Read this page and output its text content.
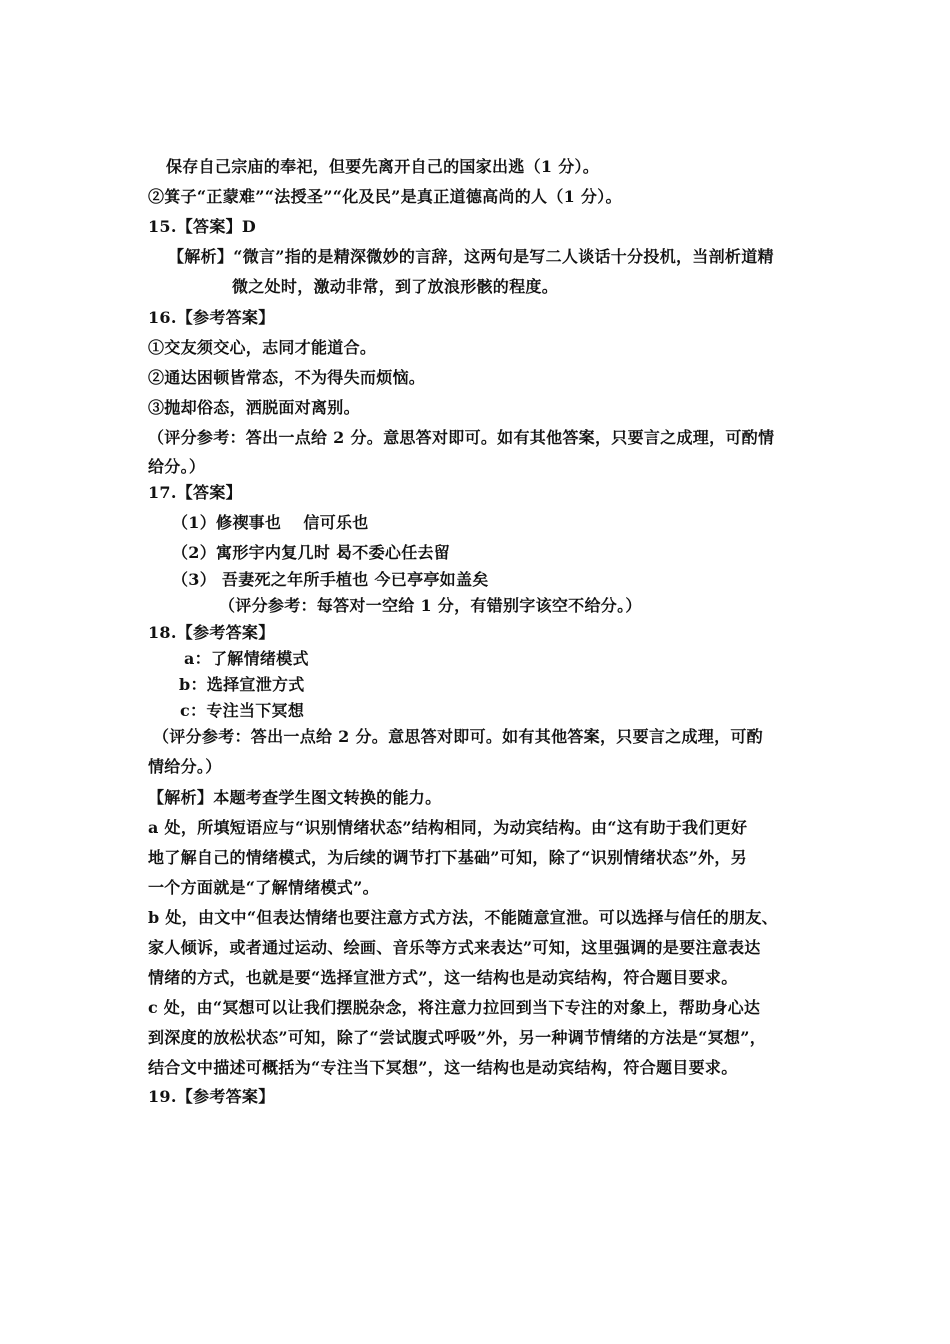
保存自己宗庙的奉祀，但要先离开自己的国家出逃（1 分）。
②箕子“正蒙难”“法授圣”“化及民”是真正道德高尚的人（1 分）。
15.【答案】D
【解析】“微言”指的是精深微妙的言辞，这两句是写二人谈话十分投机，当剖析道精
微之处时，激动非常，到了放浪形骸的程度。
16.【参考答案】
①交友须交心，志同才能道合。
②通达困顿皆常态，不为得失而烦恼。
③抛却俗态，洒脱面对离别。
（评分参考：答出一点给 2 分。意思答对即可。如有其他答案，只要言之成理，可酌情
给分。）
17.【答案】
（1）修禊事也　 信可乐也
（2）寓形宇内复几时 曷不委心任去留
（3） 吾妻死之年所手植也 今已亭亭如盖矣
（评分参考：每答对一空给 1 分，有错别字该空不给分。）
18.【参考答案】
a：了解情绪模式
b：选择宣泄方式
c：专注当下冥想
（评分参考：答出一点给 2 分。意思答对即可。如有其他答案，只要言之成理，可酌
情给分。）
【解析】本题考查学生图文转换的能力。
a 处，所填短语应与“识别情绪状态”结构相同，为动宾结构。由“这有助于我们更好
地了解自己的情绪模式，为后续的调节打下基础”可知，除了“识别情绪状态”外，另
一个方面就是“了解情绪模式”。
b 处，由文中“但表达情绪也要注意方式方法，不能随意宣泄。可以选择与信任的朋友、
家人倾诉，或者通过运动、绘画、音乐等方式来表达”可知，这里强调的是要注意表达
情绪的方式，也就是要“选择宣泄方式”，这一结构也是动宾结构，符合题目要求。
c 处，由“冥想可以让我们摆脱杂念，将注意力拉回到当下专注的对象上，帮助身心达
到深度的放松状态”可知，除了“尝试腹式呼吸”外，另一种调节情绪的方法是“冥想”，
结合文中描述可概括为“专注当下冥想”，这一结构也是动宾结构，符合题目要求。
19.【参考答案】
